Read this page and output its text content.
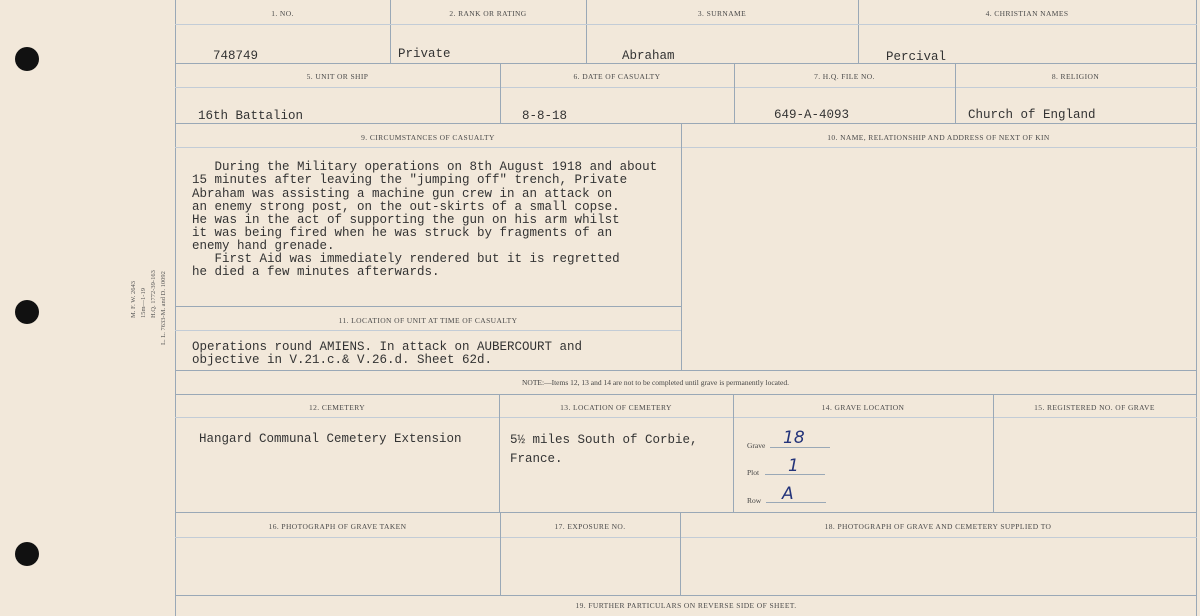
M. F. W. 2643 15m—1-19 H.Q. 1772-39-163 L. L. 7633-M. and D. 10092
1. NO.	2. RANK OR RATING	3. SURNAME	4. CHRISTIAN NAMES
748749	Private	Abraham	Percival
5. UNIT OR SHIP	6. DATE OF CASUALTY	7. H.Q. FILE NO.	8. RELIGION
16th Battalion	8-8-18	649-A-4093	Church of England
9. CIRCUMSTANCES OF CASUALTY	10. NAME, RELATIONSHIP AND ADDRESS OF NEXT OF KIN
During the Military operations on 8th August 1918 and about
15 minutes after leaving the "jumping off" trench, Private
Abraham was assisting a machine gun crew in an attack on
an enemy strong post, on the out-skirts of a small copse.
He was in the act of supporting the gun on his arm whilst
it was being fired when he was struck by fragments of an
enemy hand grenade.
First Aid was immediately rendered but it is regretted
he died a few minutes afterwards.
11. LOCATION OF UNIT AT TIME OF CASUALTY
Operations round AMIENS. In attack on AUBERCOURT and
objective in V.21.c.& V.26.d. Sheet 62d.
NOTE:—Items 12, 13 and 14 are not to be completed until grave is permanently located.
12. CEMETERY	13. LOCATION OF CEMETERY	14. GRAVE LOCATION	15. REGISTERED NO. OF GRAVE
Hangard Communal Cemetery Extension	5½ miles South of Corbie,
France.
Grave 18
Plot 1
Row A
16. PHOTOGRAPH OF GRAVE TAKEN	17. EXPOSURE NO.	18. PHOTOGRAPH OF GRAVE AND CEMETERY SUPPLIED TO
19. FURTHER PARTICULARS ON REVERSE SIDE OF SHEET.
